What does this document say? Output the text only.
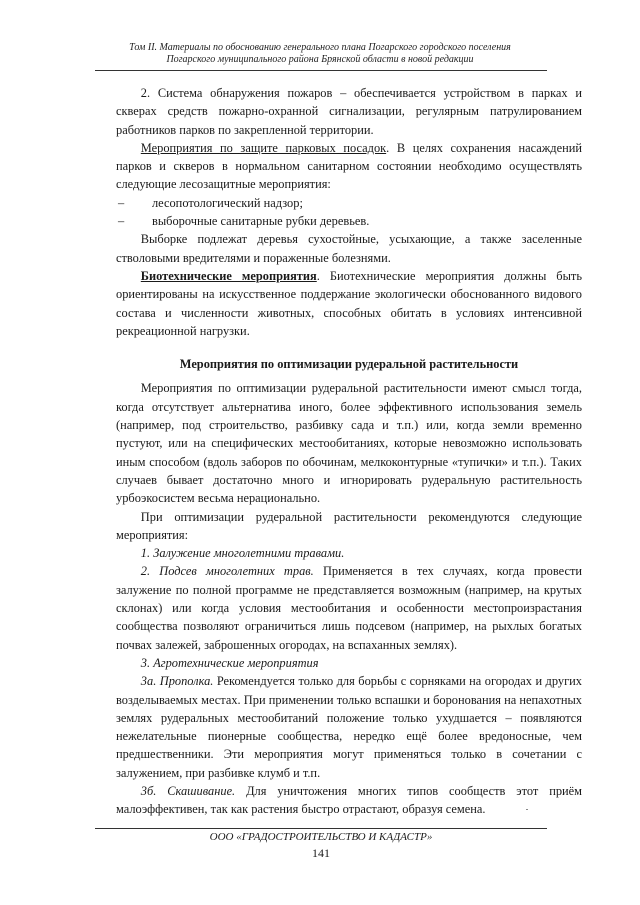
Том II. Материалы по обоснованию генерального плана Погарского городского поселения
Погарского муниципального района Брянской области в новой редакции

2. Система обнаружения пожаров – обеспечивается устройством в парках и скверах средств пожарно-охранной сигнализации, регулярным патрулированием работников парков по закрепленной территории.

Мероприятия по защите парковых посадок. В целях сохранения насаждений парков и скверов в нормальном санитарном состоянии необходимо осуществлять следующие лесозащитные мероприятия:

–	лесопотологический надзор;
–	выборочные санитарные рубки деревьев.

Выборке подлежат деревья сухостойные, усыхающие, а также заселенные стволовыми вредителями и пораженные болезнями.

Биотехнические мероприятия. Биотехнические мероприятия должны быть ориентированы на искусственное поддержание экологически обоснованного видового состава и численности животных, способных обитать в условиях интенсивной рекреационной нагрузки.

Мероприятия по оптимизации рудеральной растительности

Мероприятия по оптимизации рудеральной растительности имеют смысл тогда, когда отсутствует альтернатива иного, более эффективного использования земель (например, под строительство, разбивку сада и т.п.) или, когда земли временно пустуют, или на специфических местообитаниях, которые невозможно использовать иным способом (вдоль заборов по обочинам, мелкоконтурные «тупички» и т.п.). Таких случаев бывает достаточно много и игнорировать рудеральную растительность урбоэкосистем весьма нерационально.

При оптимизации рудеральной растительности рекомендуются следующие мероприятия:

1. Залужение многолетними травами.

2. Подсев многолетних трав. Применяется в тех случаях, когда провести залужение по полной программе не представляется возможным (например, на крутых склонах) или когда условия местообитания и особенности местопроизрастания сообщества позволяют ограничиться лишь подсевом (например, на рыхлых богатых почвах залежей, заброшенных огородах, на вспаханных землях).

3. Агротехнические мероприятия

3а. Прополка. Рекомендуется только для борьбы с сорняками на огородах и других возделываемых местах. При применении только вспашки и боронования на непахотных землях рудеральных местообитаний положение только ухудшается – появляются нежелательные пионерные сообщества, нередко ещё более вредоносные, чем предшественники. Эти мероприятия могут применяться только в сочетании с залужением, при разбивке клумб и т.п.

3б. Скашивание. Для уничтожения многих типов сообществ этот приём малоэффективен, так как растения быстро отрастают, образуя семена.

ООО «ГРАДОСТРОИТЕЛЬСТВО И КАДАСТР»
141
